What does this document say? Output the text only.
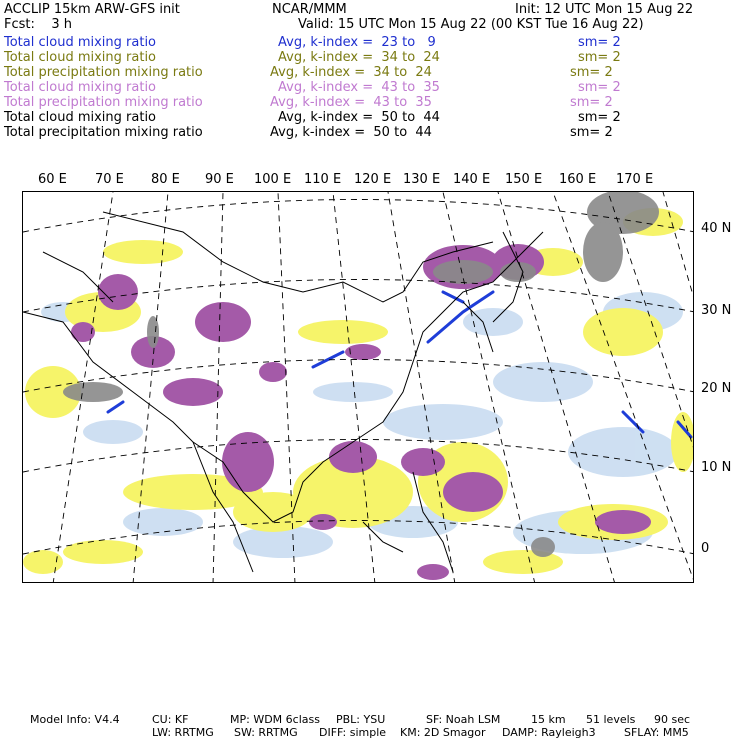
ACCLIP 15km ARW-GFS init	NCAR/MMM	Init: 12 UTC Mon 15 Aug 22
Fcst:    3 h	Valid: 15 UTC Mon 15 Aug 22 (00 KST Tue 16 Aug 22)
Total cloud mixing ratio	Avg, k-index =  23 to   9	sm= 2
Total cloud mixing ratio	Avg, k-index =  34 to  24	sm= 2
Total precipitation mixing ratio	Avg, k-index =  34 to  24	sm= 2
Total cloud mixing ratio	Avg, k-index =  43 to  35	sm= 2
Total precipitation mixing ratio	Avg, k-index =  43 to  35	sm= 2
Total cloud mixing ratio	Avg, k-index =  50 to  44	sm= 2
Total precipitation mixing ratio	Avg, k-index =  50 to  44	sm= 2
60 E 70 E 80 E 90 E 100 E 110 E 120 E 130 E 140 E 150 E 160 E 170 E
40 N
30 N
20 N
10 N
0
Model Info: V4.4	CU: KF	MP: WDM 6class PBL: YSU	SF: Noah LSM	15 km 51 levels 90 sec
LW: RRTMG SW: RRTMG DIFF: simple KM: 2D Smagor DAMP: Rayleigh3	SFLAY: MM5
